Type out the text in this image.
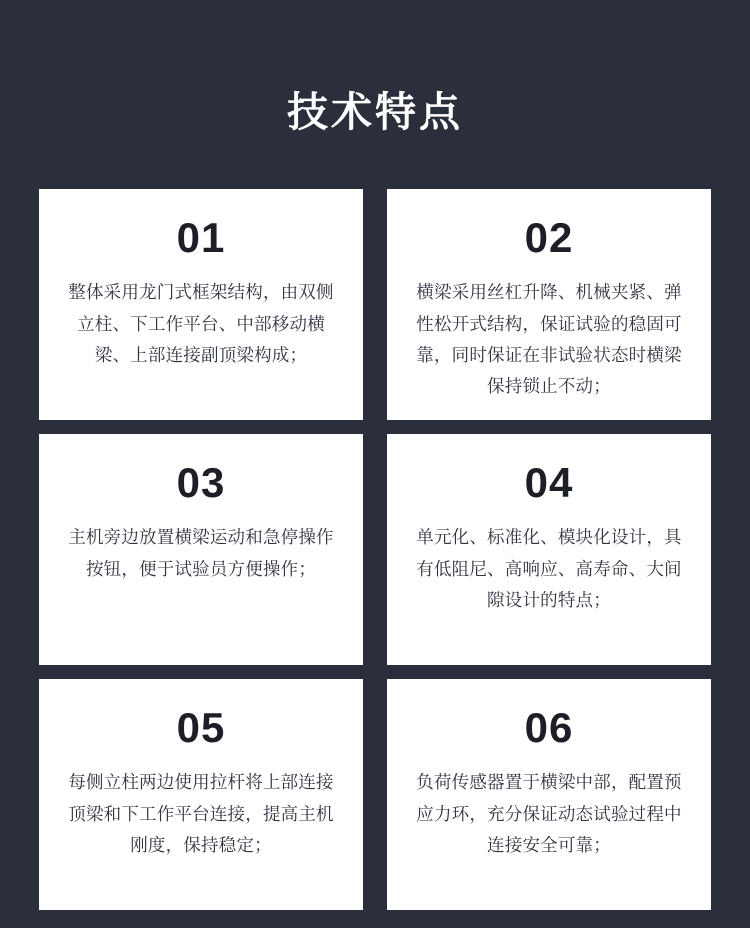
技术特点
01
整体采用龙门式框架结构，由双侧立柱、下工作平台、中部移动横梁、上部连接副顶梁构成；
02
横梁采用丝杠升降、机械夹紧、弹性松开式结构，保证试验的稳固可靠，同时保证在非试验状态时横梁保持锁止不动；
03
主机旁边放置横梁运动和急停操作按钮，便于试验员方便操作；
04
单元化、标准化、模块化设计，具有低阻尼、高响应、高寿命、大间隙设计的特点；
05
每侧立柱两边使用拉杆将上部连接顶梁和下工作平台连接，提高主机刚度，保持稳定；
06
负荷传感器置于横梁中部，配置预应力环，充分保证动态试验过程中连接安全可靠；
